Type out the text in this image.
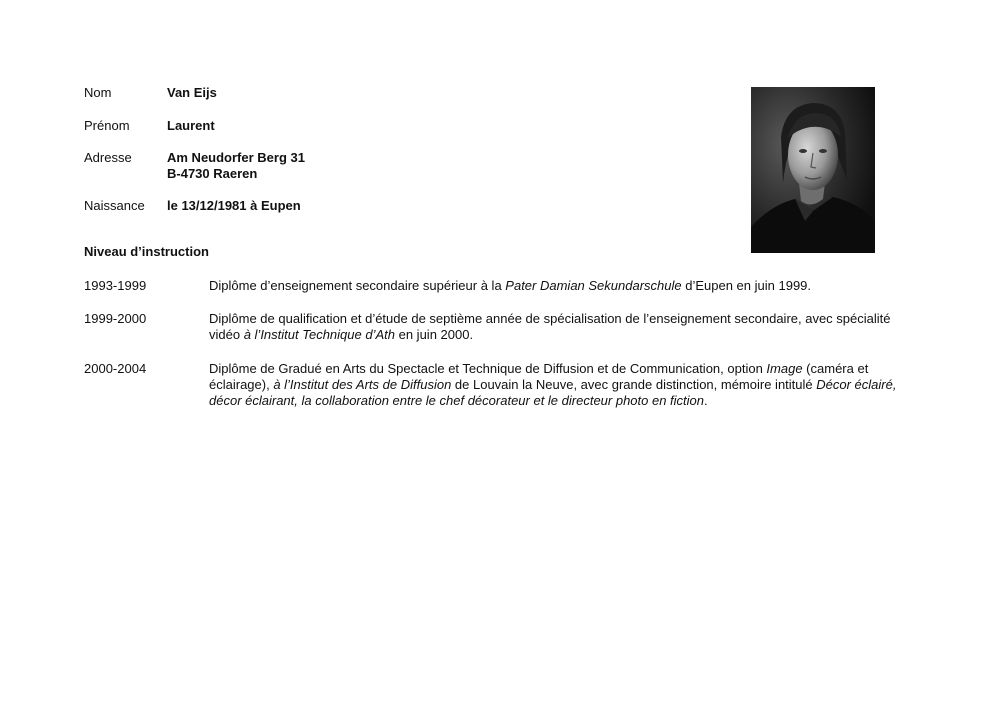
Nom	Van Eijs
Prénom	Laurent
Adresse	Am Neudorfer Berg 31
B-4730 Raeren
Naissance le 13/12/1981 à Eupen
Niveau d’instruction
1993-1999	Diplôme d’enseignement secondaire supérieur à la Pater Damian Sekundarschule d’Eupen en juin 1999.
1999-2000	Diplôme de qualification et d’étude de septième année de spécialisation de l’enseignement secondaire, avec spécialité vidéo à l’Institut Technique d’Ath en juin 2000.
2000-2004	Diplôme de Gradué en Arts du Spectacle et Technique de Diffusion et de Communication, option Image (caméra et éclairage), à l’Institut des Arts de Diffusion de Louvain la Neuve, avec grande distinction, mémoire intitulé Décor éclairé, décor éclairant, la collaboration entre le chef décorateur et le directeur photo en fiction.
